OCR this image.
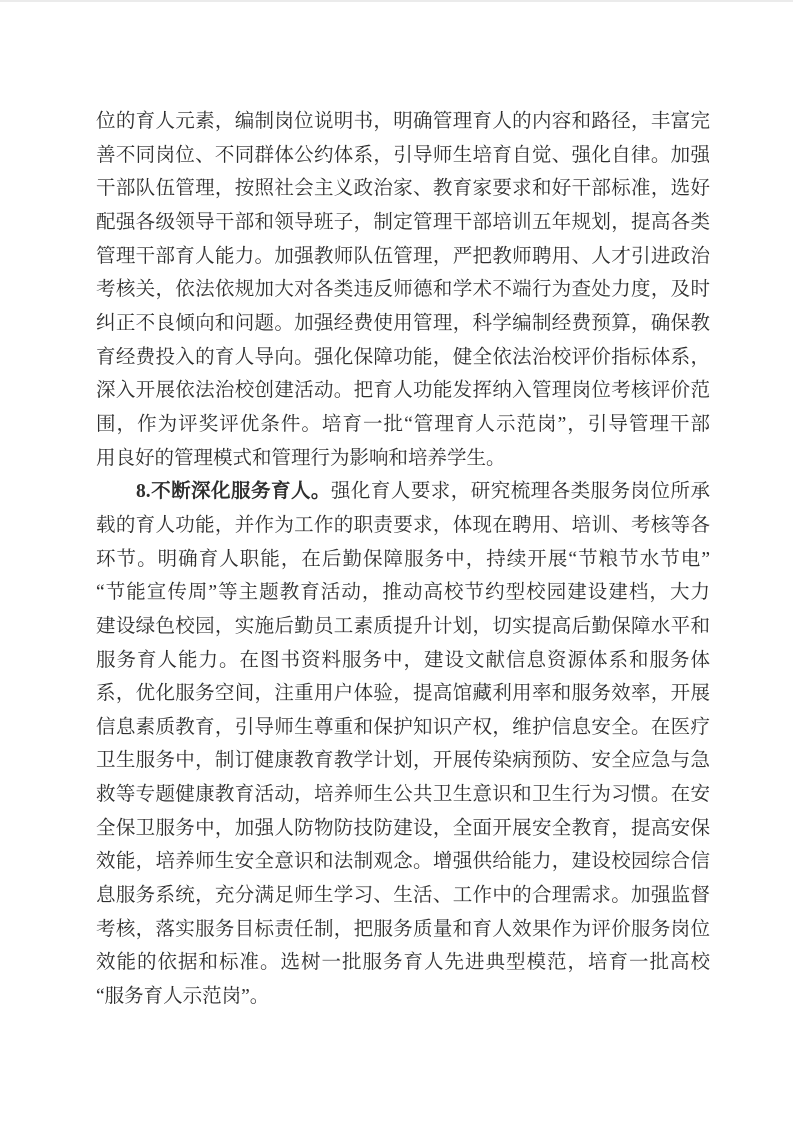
位的育人元素，编制岗位说明书，明确管理育人的内容和路径，丰富完
善不同岗位、不同群体公约体系，引导师生培育自觉、强化自律。加强
干部队伍管理，按照社会主义政治家、教育家要求和好干部标准，选好
配强各级领导干部和领导班子，制定管理干部培训五年规划，提高各类
管理干部育人能力。加强教师队伍管理，严把教师聘用、人才引进政治
考核关，依法依规加大对各类违反师德和学术不端行为查处力度，及时
纠正不良倾向和问题。加强经费使用管理，科学编制经费预算，确保教
育经费投入的育人导向。强化保障功能，健全依法治校评价指标体系，
深入开展依法治校创建活动。把育人功能发挥纳入管理岗位考核评价范
围，作为评奖评优条件。培育一批“管理育人示范岗”，引导管理干部
用良好的管理模式和管理行为影响和培养学生。
8.不断深化服务育人。强化育人要求，研究梳理各类服务岗位所承
载的育人功能，并作为工作的职责要求，体现在聘用、培训、考核等各
环节。明确育人职能，在后勤保障服务中，持续开展“节粮节水节电”
“节能宣传周”等主题教育活动，推动高校节约型校园建设建档，大力
建设绿色校园，实施后勤员工素质提升计划，切实提高后勤保障水平和
服务育人能力。在图书资料服务中，建设文献信息资源体系和服务体
系，优化服务空间，注重用户体验，提高馆藏利用率和服务效率，开展
信息素质教育，引导师生尊重和保护知识产权，维护信息安全。在医疗
卫生服务中，制订健康教育教学计划，开展传染病预防、安全应急与急
救等专题健康教育活动，培养师生公共卫生意识和卫生行为习惯。在安
全保卫服务中，加强人防物防技防建设，全面开展安全教育，提高安保
效能，培养师生安全意识和法制观念。增强供给能力，建设校园综合信
息服务系统，充分满足师生学习、生活、工作中的合理需求。加强监督
考核，落实服务目标责任制，把服务质量和育人效果作为评价服务岗位
效能的依据和标准。选树一批服务育人先进典型模范，培育一批高校
“服务育人示范岗”。
